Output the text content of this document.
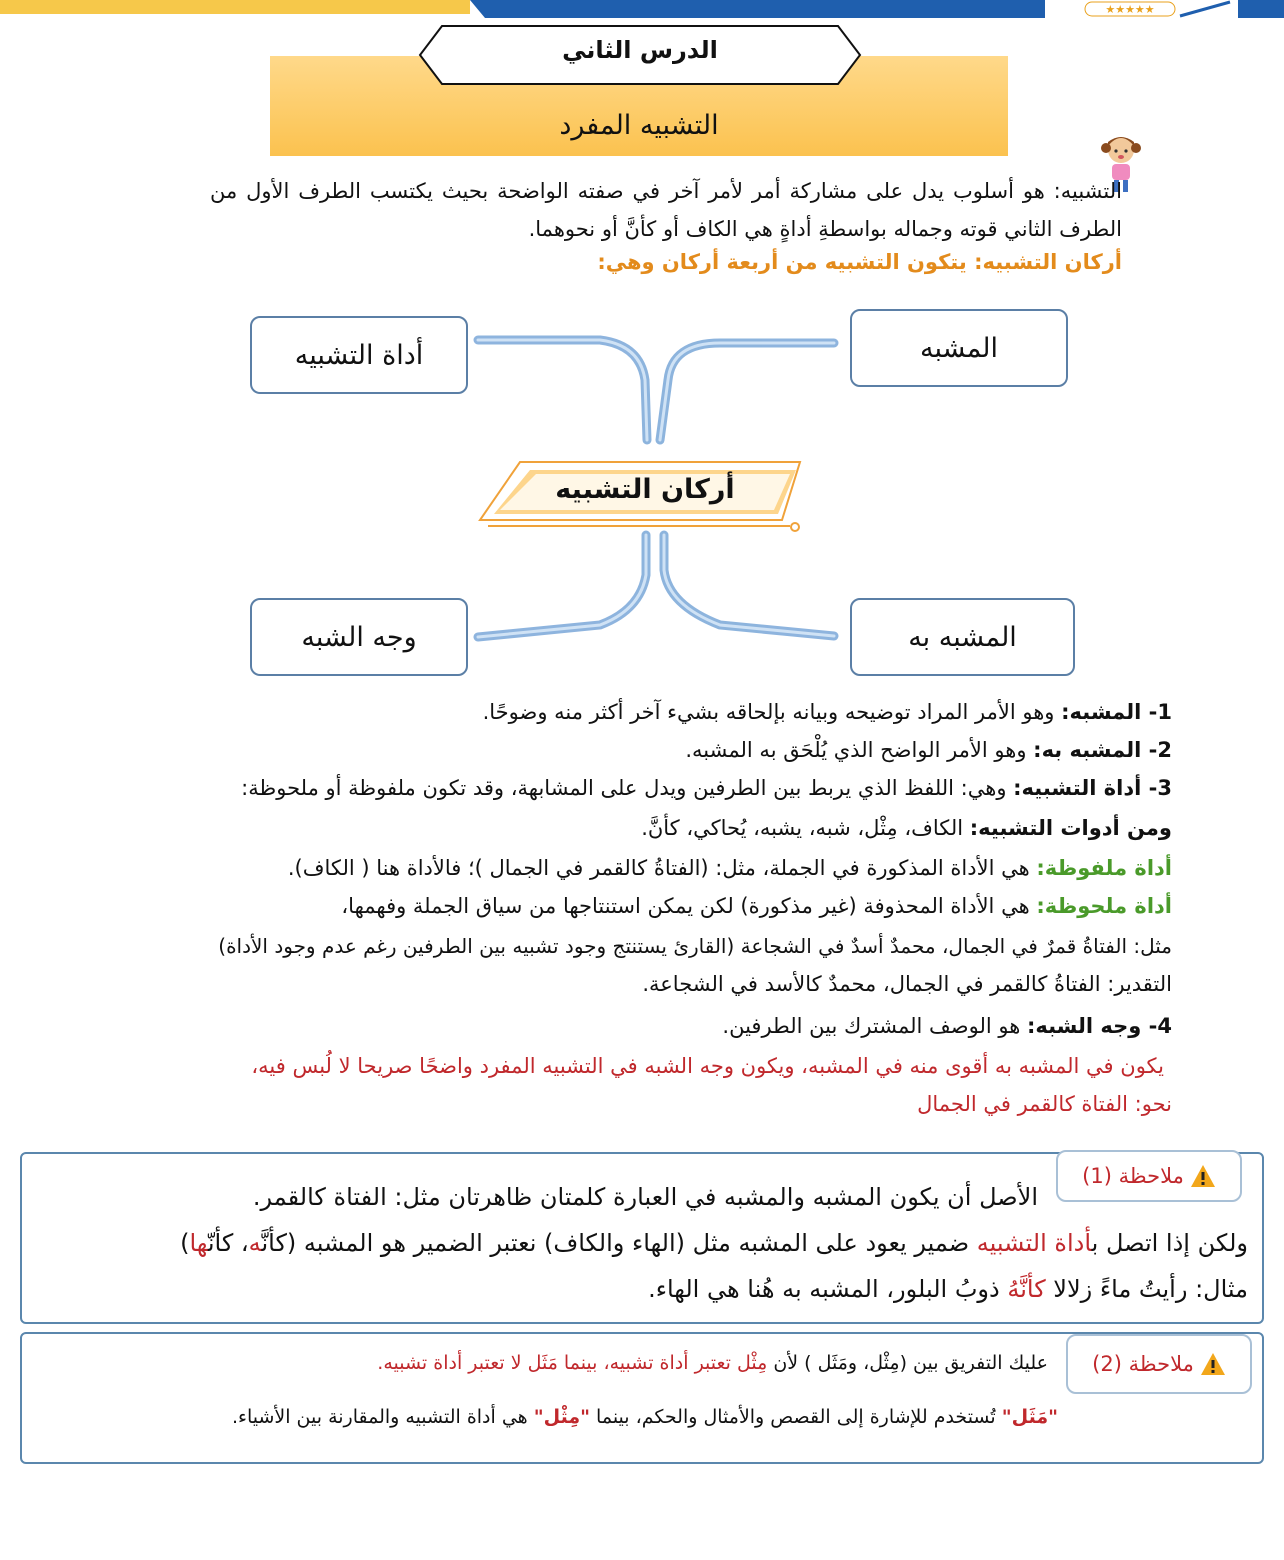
★★★★★
الدرس الثاني
التشبيه المفرد
التشبيه: هو أسلوب يدل على مشاركة أمر لأمر آخر في صفته الواضحة بحيث يكتسب الطرف الأول من الطرف الثاني قوته وجماله بواسطةِ أداةٍ هي الكاف أو كأنَّ أو نحوهما.
أركان التشبيه: يتكون التشبيه من أربعة أركان وهي:
المشبه
أداة التشبيه
المشبه به
وجه الشبه
أركان التشبيه
1- المشبه: وهو الأمر المراد توضيحه وبيانه بإلحاقه بشيء آخر أكثر منه وضوحًا.
2- المشبه به: وهو الأمر الواضح الذي يُلْحَق به المشبه.
3- أداة التشبيه: وهي: اللفظ الذي يربط بين الطرفين ويدل على المشابهة، وقد تكون ملفوظة أو ملحوظة:
ومن أدوات التشبيه: الكاف، مِثْل، شبه، يشبه، يُحاكي، كأنَّ.
أداة ملفوظة: هي الأداة المذكورة في الجملة، مثل: (الفتاةُ كالقمر في الجمال )؛ فالأداة هنا ( الكاف).
أداة ملحوظة: هي الأداة المحذوفة (غير مذكورة) لكن يمكن استنتاجها من سياق الجملة وفهمها،
مثل: الفتاةُ قمرٌ في الجمال، محمدٌ أسدٌ في الشجاعة (القارئ يستنتج وجود تشبيه بين الطرفين رغم عدم وجود الأداة)
التقدير: الفتاةُ كالقمر في الجمال، محمدٌ كالأسد في الشجاعة.
4- وجه الشبه: هو الوصف المشترك بين الطرفين.
يكون في المشبه به أقوى منه في المشبه، ويكون وجه الشبه في التشبيه المفرد واضحًا صريحا لا لُبس فيه،
نحو: الفتاة كالقمر في الجمال
ملاحظة (1)
الأصل أن يكون المشبه والمشبه في العبارة كلمتان ظاهرتان مثل: الفتاة كالقمر.
ولكن إذا اتصل بأداة التشبيه ضمير يعود على المشبه مثل (الهاء والكاف) نعتبر الضمير هو المشبه (كأنَّه، كأنّها)
مثال: رأيتُ ماءً زلالا كأنَّهُ ذوبُ البلور، المشبه به هُنا هي الهاء.
ملاحظة (2)
عليك التفريق بين (مِثْل، ومَثَل ) لأن مِثْل تعتبر أداة تشبيه، بينما مَثَل لا تعتبر أداة تشبيه.
"مَثَل" تُستخدم للإشارة إلى القصص والأمثال والحكم، بينما "مِثْل" هي أداة التشبيه والمقارنة بين الأشياء.
